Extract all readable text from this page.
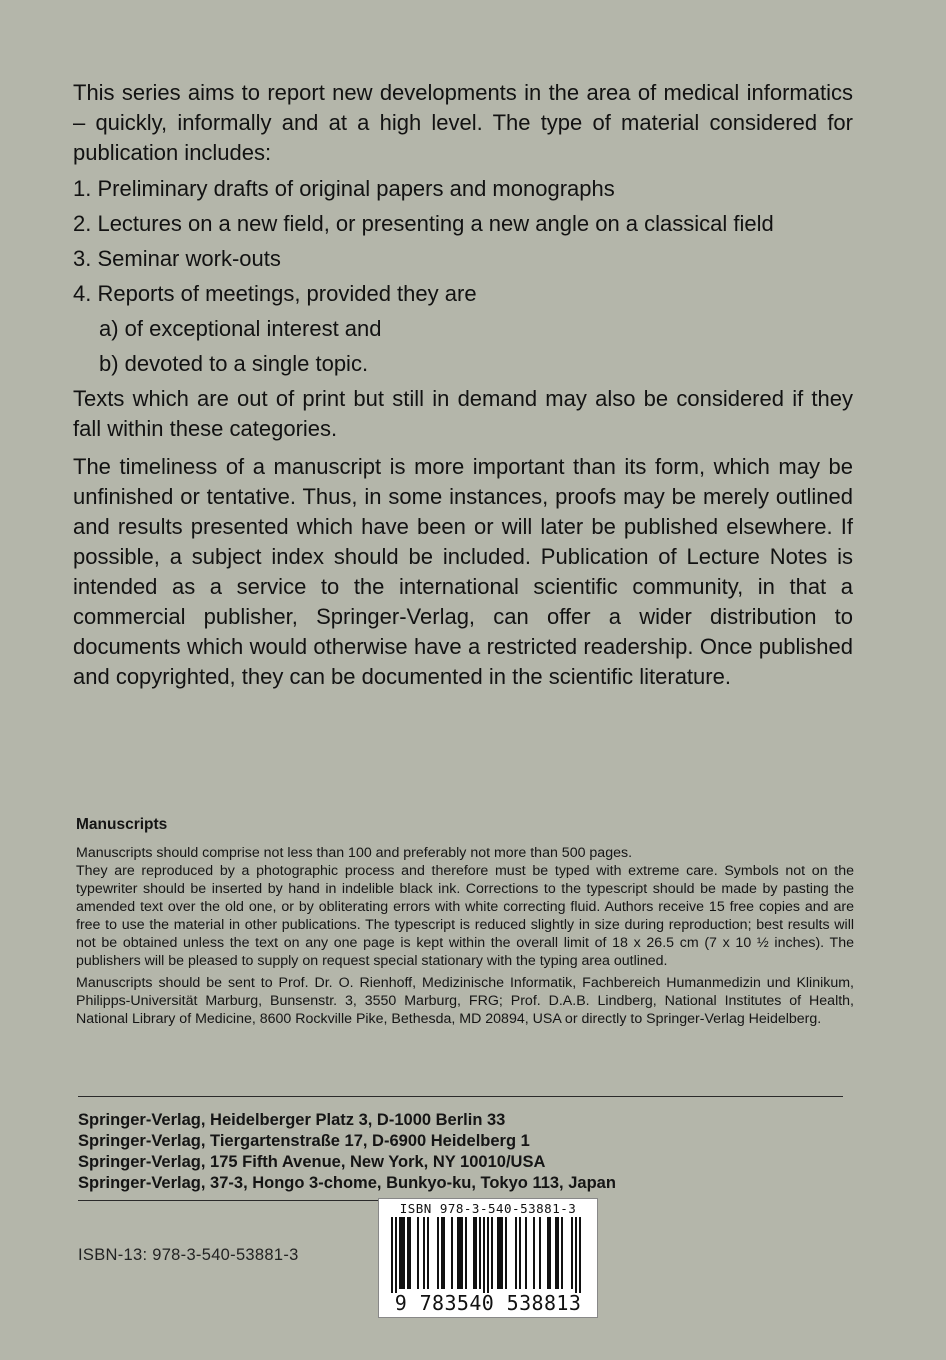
This series aims to report new developments in the area of medical informatics – quickly, informally and at a high level. The type of material considered for publication includes:

1. Preliminary drafts of original papers and monographs
2. Lectures on a new field, or presenting a new angle on a classical field
3. Seminar work-outs
4. Reports of meetings, provided they are
a) of exceptional interest and
b) devoted to a single topic.

Texts which are out of print but still in demand may also be considered if they fall within these categories.

The timeliness of a manuscript is more important than its form, which may be unfinished or tentative. Thus, in some instances, proofs may be merely outlined and results presented which have been or will later be published elsewhere. If possible, a subject index should be included. Publication of Lecture Notes is intended as a service to the international scientific community, in that a commercial publisher, Springer-Verlag, can offer a wider distribution to documents which would otherwise have a restricted readership. Once published and copyrighted, they can be documented in the scientific literature.

Manuscripts

Manuscripts should comprise not less than 100 and preferably not more than 500 pages.

They are reproduced by a photographic process and therefore must be typed with extreme care. Symbols not on the typewriter should be inserted by hand in indelible black ink. Corrections to the typescript should be made by pasting the amended text over the old one, or by obliterating errors with white correcting fluid. Authors receive 15 free copies and are free to use the material in other publications. The typescript is reduced slightly in size during reproduction; best results will not be obtained unless the text on any one page is kept within the overall limit of 18 x 26.5 cm (7 x 10 ½ inches). The publishers will be pleased to supply on request special stationary with the typing area outlined.

Manuscripts should be sent to Prof. Dr. O. Rienhoff, Medizinische Informatik, Fachbereich Humanmedizin und Klinikum, Philipps-Universität Marburg, Bunsenstr. 3, 3550 Marburg, FRG; Prof. D.A.B. Lindberg, National Institutes of Health, National Library of Medicine, 8600 Rockville Pike, Bethesda, MD 20894, USA or directly to Springer-Verlag Heidelberg.

Springer-Verlag, Heidelberger Platz 3, D-1000 Berlin 33
Springer-Verlag, Tiergartenstraße 17, D-6900 Heidelberg 1
Springer-Verlag, 175 Fifth Avenue, New York, NY 10010/USA
Springer-Verlag, 37-3, Hongo 3-chome, Bunkyo-ku, Tokyo 113, Japan
ISBN-13: 978-3-540-53881-3
ISBN 978-3-540-53881-3
9 783540 538813
